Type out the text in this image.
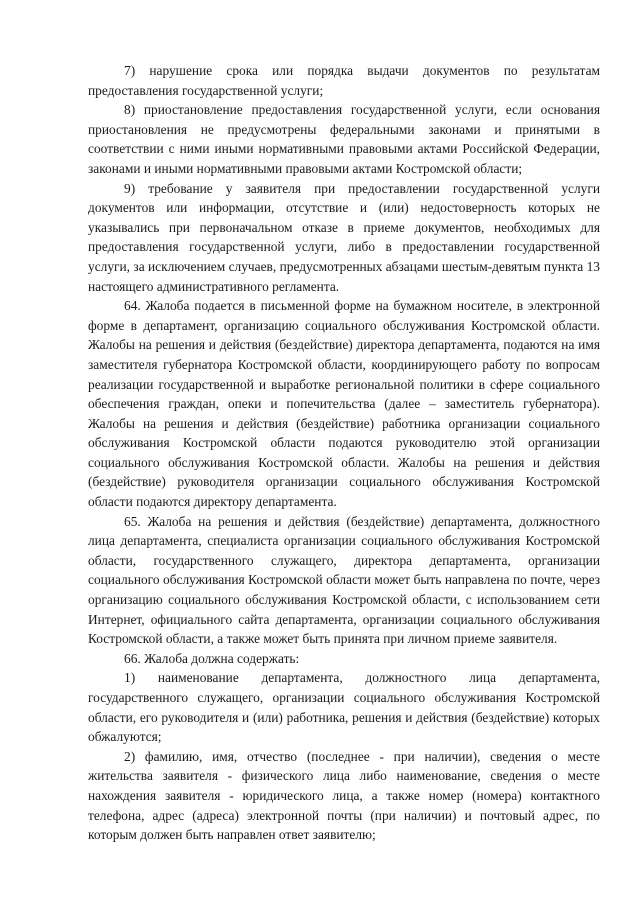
7) нарушение срока или порядка выдачи документов по результатам предоставления государственной услуги;

8) приостановление предоставления государственной услуги, если основания приостановления не предусмотрены федеральными законами и принятыми в соответствии с ними иными нормативными правовыми актами Российской Федерации, законами и иными нормативными правовыми актами Костромской области;

9) требование у заявителя при предоставлении государственной услуги документов или информации, отсутствие и (или) недостоверность которых не указывались при первоначальном отказе в приеме документов, необходимых для предоставления государственной услуги, либо в предоставлении государственной услуги, за исключением случаев, предусмотренных абзацами шестым-девятым пункта 13 настоящего административного регламента.

64. Жалоба подается в письменной форме на бумажном носителе, в электронной форме в департамент, организацию социального обслуживания Костромской области. Жалобы на решения и действия (бездействие) директора департамента, подаются на имя заместителя губернатора Костромской области, координирующего работу по вопросам реализации государственной и выработке региональной политики в сфере социального обеспечения граждан, опеки и попечительства (далее – заместитель губернатора). Жалобы на решения и действия (бездействие) работника организации социального обслуживания Костромской области подаются руководителю этой организации социального обслуживания Костромской области. Жалобы на решения и действия (бездействие) руководителя организации социального обслуживания Костромской области подаются директору департамента.

65. Жалоба на решения и действия (бездействие) департамента, должностного лица департамента, специалиста организации социального обслуживания Костромской области, государственного служащего, директора департамента, организации социального обслуживания Костромской области может быть направлена по почте, через организацию социального обслуживания Костромской области, с использованием сети Интернет, официального сайта департамента, организации социального обслуживания Костромской области, а также может быть принята при личном приеме заявителя.

66. Жалоба должна содержать:

1) наименование департамента, должностного лица департамента, государственного служащего, организации социального обслуживания Костромской области, его руководителя и (или) работника, решения и действия (бездействие) которых обжалуются;

2) фамилию, имя, отчество (последнее - при наличии), сведения о месте жительства заявителя - физического лица либо наименование, сведения о месте нахождения заявителя - юридического лица, а также номер (номера) контактного телефона, адрес (адреса) электронной почты (при наличии) и почтовый адрес, по которым должен быть направлен ответ заявителю;
